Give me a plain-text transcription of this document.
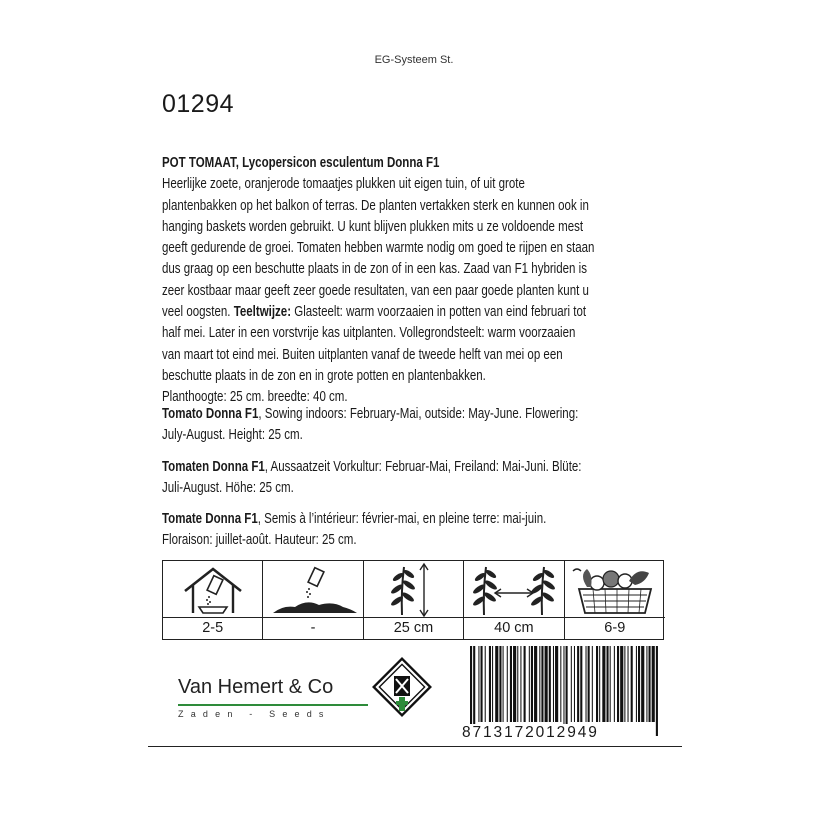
EG-Systeem St.
01294
POT TOMAAT, Lycopersicon esculentum Donna F1
Heerlijke zoete, oranjerode tomaatjes plukken uit eigen tuin, of uit grote
plantenbakken op het balkon of terras. De planten vertakken sterk en kunnen ook in
hanging baskets worden gebruikt. U kunt blijven plukken mits u ze voldoende mest
geeft gedurende de groei. Tomaten hebben warmte nodig om goed te rijpen en staan
dus graag op een beschutte plaats in de zon of in een kas. Zaad van F1 hybriden is
zeer kostbaar maar geeft zeer goede resultaten, van een paar goede planten kunt u
veel oogsten. Teeltwijze: Glasteelt: warm voorzaaien in potten van eind februari tot
half mei. Later in een vorstvrije kas uitplanten. Vollegrondsteelt: warm voorzaaien
van maart tot eind mei. Buiten uitplanten vanaf de tweede helft van mei op een
beschutte plaats in de zon en in grote potten en plantenbakken.
Planthoogte: 25 cm. breedte: 40 cm.
Tomato Donna F1, Sowing indoors: February-Mai, outside: May-June. Flowering:
July-August. Height: 25 cm.
Tomaten Donna F1, Aussaatzeit Vorkultur: Februar-Mai, Freiland: Mai-Juni. Blüte:
Juli-August. Höhe: 25 cm.
Tomate Donna F1, Semis à l’intérieur: février-mai, en pleine terre: mai-juin.
Floraison: juillet-août. Hauteur: 25 cm.
2-5	-	25 cm	40 cm	6-9
Van Hemert & Co
Zaden - Seeds
8713172012949
